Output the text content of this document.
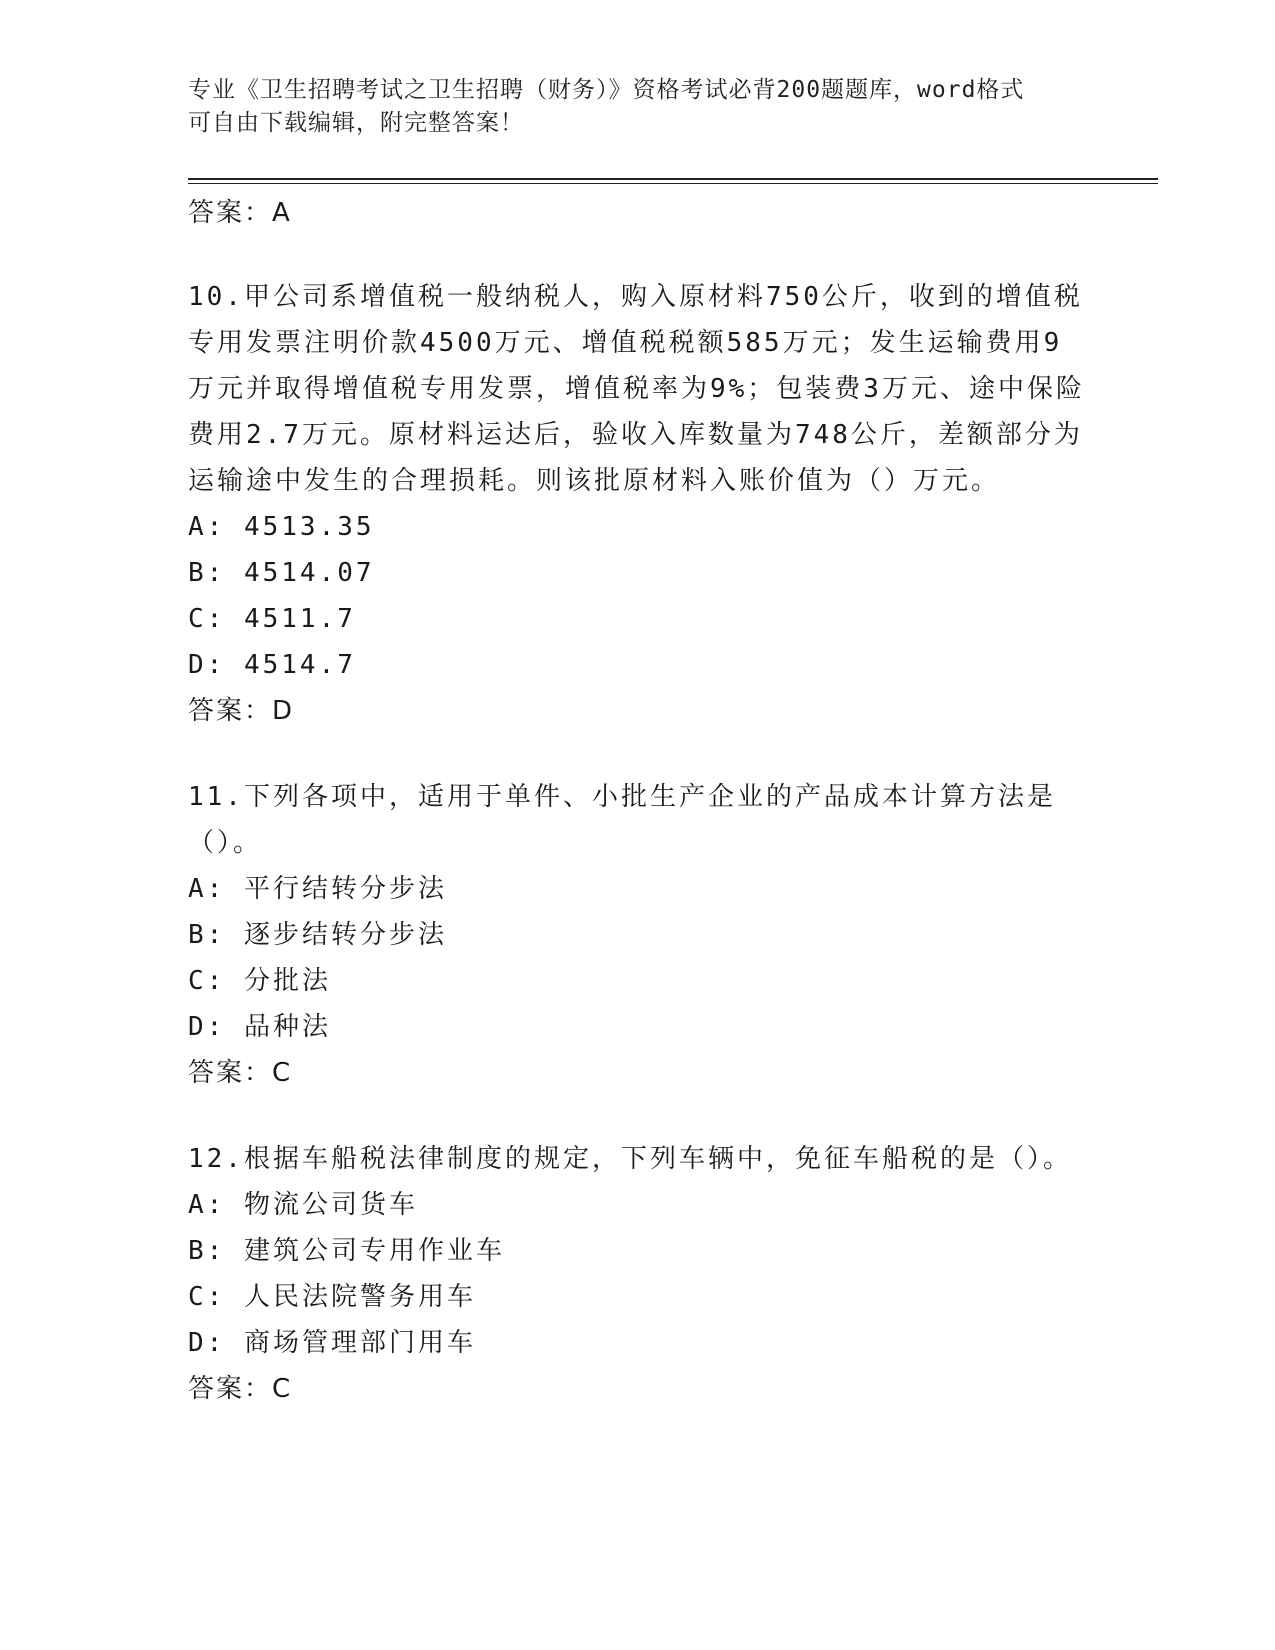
专业《卫生招聘考试之卫生招聘（财务）》资格考试必背200题题库，word格式
可自由下载编辑，附完整答案！
答案：A
10.甲公司系增值税一般纳税人，购入原材料750公斤，收到的增值税专用发票注明价款4500万元、增值税税额585万元；发生运输费用9万元并取得增值税专用发票，增值税率为9%；包装费3万元、途中保险费用2.7万元。原材料运达后，验收入库数量为748公斤，差额部分为运输途中发生的合理损耗。则该批原材料入账价值为（）万元。
A: 4513.35
B: 4514.07
C: 4511.7
D: 4514.7
答案：D
11.下列各项中，适用于单件、小批生产企业的产品成本计算方法是（）。
A: 平行结转分步法
B: 逐步结转分步法
C: 分批法
D: 品种法
答案：C
12.根据车船税法律制度的规定，下列车辆中，免征车船税的是（）。
A: 物流公司货车
B: 建筑公司专用作业车
C: 人民法院警务用车
D: 商场管理部门用车
答案：C
